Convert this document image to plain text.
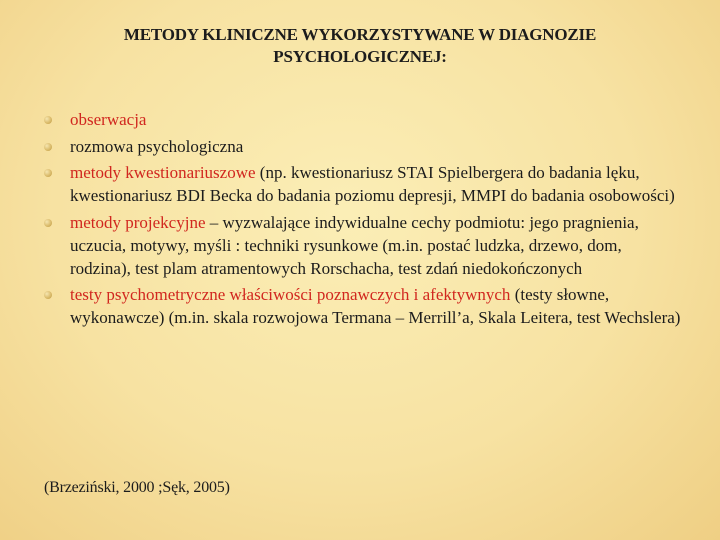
METODY KLINICZNE WYKORZYSTYWANE W DIAGNOZIE
PSYCHOLOGICZNEJ:
obserwacja
rozmowa psychologiczna
metody kwestionariuszowe (np. kwestionariusz STAI Spielbergera do badania lęku, kwestionariusz BDI Becka do badania poziomu depresji, MMPI do badania osobowości)
metody projekcyjne – wyzwalające indywidualne cechy podmiotu: jego pragnienia, uczucia, motywy, myśli : techniki rysunkowe (m.in. postać ludzka, drzewo, dom, rodzina), test plam atramentowych Rorschacha, test zdań niedokończonych
testy psychometryczne właściwości poznawczych i afektywnych (testy słowne, wykonawcze) (m.in. skala rozwojowa Termana – Merrill’a, Skala Leitera, test Wechslera)

(Brzeziński, 2000 ;Sęk, 2005)
